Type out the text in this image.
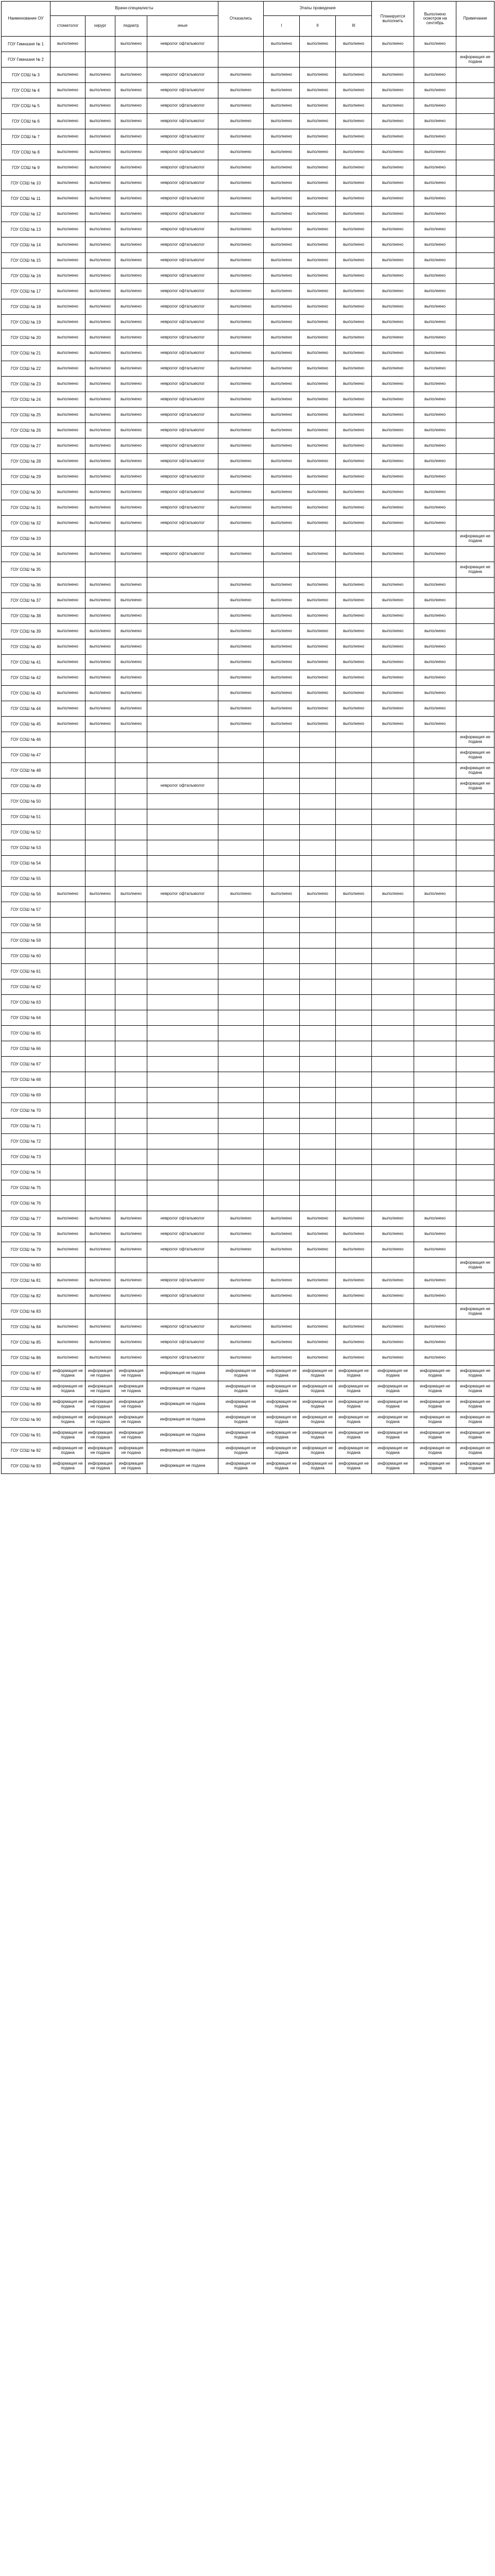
Наименование ОУ	Врачи-специалисты				Отказались	Этапы проведения			Планируется выполнить	Выполнено осмотров на сентябрь	Примечание
	стоматолог	хирург	педиатр	иные		I	II	III			
ГОУ Гимназия № 1	выполнено		выполнено	невролог офтальмолог		выполнено	выполнено	выполнено	выполнено	выполнено	
ГОУ Гимназия № 2											информация не подана
ГОУ СОШ № 3	выполнено	выполнено	выполнено	невролог офтальмолог	выполнено	выполнено	выполнено	выполнено	выполнено	выполнено	
ГОУ СОШ № 4	выполнено	выполнено	выполнено	невролог офтальмолог	выполнено	выполнено	выполнено	выполнено	выполнено	выполнено	
ГОУ СОШ № 5	выполнено	выполнено	выполнено	невролог офтальмолог	выполнено	выполнено	выполнено	выполнено	выполнено	выполнено	
ГОУ СОШ № 6	выполнено	выполнено	выполнено	невролог офтальмолог	выполнено	выполнено	выполнено	выполнено	выполнено	выполнено	
ГОУ СОШ № 7	выполнено	выполнено	выполнено	невролог офтальмолог	выполнено	выполнено	выполнено	выполнено	выполнено	выполнено	
ГОУ СОШ № 8	выполнено	выполнено	выполнено	невролог офтальмолог	выполнено	выполнено	выполнено	выполнено	выполнено	выполнено	
ГОУ СОШ № 9	выполнено	выполнено	выполнено	невролог офтальмолог	выполнено	выполнено	выполнено	выполнено	выполнено	выполнено	
ГОУ СОШ № 10	выполнено	выполнено	выполнено	невролог офтальмолог	выполнено	выполнено	выполнено	выполнено	выполнено	выполнено	
ГОУ СОШ № 11	выполнено	выполнено	выполнено	невролог офтальмолог	выполнено	выполнено	выполнено	выполнено	выполнено	выполнено	
ГОУ СОШ № 12	выполнено	выполнено	выполнено	невролог офтальмолог	выполнено	выполнено	выполнено	выполнено	выполнено	выполнено	
ГОУ СОШ № 13	выполнено	выполнено	выполнено	невролог офтальмолог	выполнено	выполнено	выполнено	выполнено	выполнено	выполнено	
ГОУ СОШ № 14	выполнено	выполнено	выполнено	невролог офтальмолог	выполнено	выполнено	выполнено	выполнено	выполнено	выполнено	
ГОУ СОШ № 15	выполнено	выполнено	выполнено	невролог офтальмолог	выполнено	выполнено	выполнено	выполнено	выполнено	выполнено	
ГОУ СОШ № 16	выполнено	выполнено	выполнено	невролог офтальмолог	выполнено	выполнено	выполнено	выполнено	выполнено	выполнено	
ГОУ СОШ № 17	выполнено	выполнено	выполнено	невролог офтальмолог	выполнено	выполнено	выполнено	выполнено	выполнено	выполнено	
ГОУ СОШ № 18	выполнено	выполнено	выполнено	невролог офтальмолог	выполнено	выполнено	выполнено	выполнено	выполнено	выполнено	
ГОУ СОШ № 19	выполнено	выполнено	выполнено	невролог офтальмолог	выполнено	выполнено	выполнено	выполнено	выполнено	выполнено	
ГОУ СОШ № 20	выполнено	выполнено	выполнено	невролог офтальмолог	выполнено	выполнено	выполнено	выполнено	выполнено	выполнено	
ГОУ СОШ № 21	выполнено	выполнено	выполнено	невролог офтальмолог	выполнено	выполнено	выполнено	выполнено	выполнено	выполнено	
ГОУ СОШ № 22	выполнено	выполнено	выполнено	невролог офтальмолог	выполнено	выполнено	выполнено	выполнено	выполнено	выполнено	
ГОУ СОШ № 23	выполнено	выполнено	выполнено	невролог офтальмолог	выполнено	выполнено	выполнено	выполнено	выполнено	выполнено	
ГОУ СОШ № 24	выполнено	выполнено	выполнено	невролог офтальмолог	выполнено	выполнено	выполнено	выполнено	выполнено	выполнено	
ГОУ СОШ № 25	выполнено	выполнено	выполнено	невролог офтальмолог	выполнено	выполнено	выполнено	выполнено	выполнено	выполнено	
ГОУ СОШ № 26	выполнено	выполнено	выполнено	невролог офтальмолог	выполнено	выполнено	выполнено	выполнено	выполнено	выполнено	
ГОУ СОШ № 27	выполнено	выполнено	выполнено	невролог офтальмолог	выполнено	выполнено	выполнено	выполнено	выполнено	выполнено	
ГОУ СОШ № 28	выполнено	выполнено	выполнено	невролог офтальмолог	выполнено	выполнено	выполнено	выполнено	выполнено	выполнено	
ГОУ СОШ № 29	выполнено	выполнено	выполнено	невролог офтальмолог	выполнено	выполнено	выполнено	выполнено	выполнено	выполнено	
ГОУ СОШ № 30	выполнено	выполнено	выполнено	невролог офтальмолог	выполнено	выполнено	выполнено	выполнено	выполнено	выполнено	
ГОУ СОШ № 31	выполнено	выполнено	выполнено	невролог офтальмолог	выполнено	выполнено	выполнено	выполнено	выполнено	выполнено	
ГОУ СОШ № 32	выполнено	выполнено	выполнено	невролог офтальмолог	выполнено	выполнено	выполнено	выполнено	выполнено	выполнено	
ГОУ СОШ № 33											информация не подана
ГОУ СОШ № 34	выполнено	выполнено	выполнено	невролог офтальмолог	выполнено	выполнено	выполнено	выполнено	выполнено	выполнено	
ГОУ СОШ № 35											информация не подана
ГОУ СОШ № 36	выполнено	выполнено	выполнено		выполнено	выполнено	выполнено	выполнено	выполнено	выполнено	
ГОУ СОШ № 37	выполнено	выполнено	выполнено		выполнено	выполнено	выполнено	выполнено	выполнено	выполнено	
ГОУ СОШ № 38	выполнено	выполнено	выполнено		выполнено	выполнено	выполнено	выполнено	выполнено	выполнено	
ГОУ СОШ № 39	выполнено	выполнено	выполнено		выполнено	выполнено	выполнено	выполнено	выполнено	выполнено	
ГОУ СОШ № 40	выполнено	выполнено	выполнено		выполнено	выполнено	выполнено	выполнено	выполнено	выполнено	
ГОУ СОШ № 41	выполнено	выполнено	выполнено		выполнено	выполнено	выполнено	выполнено	выполнено	выполнено	
ГОУ СОШ № 42	выполнено	выполнено	выполнено		выполнено	выполнено	выполнено	выполнено	выполнено	выполнено	
ГОУ СОШ № 43	выполнено	выполнено	выполнено		выполнено	выполнено	выполнено	выполнено	выполнено	выполнено	
ГОУ СОШ № 44	выполнено	выполнено	выполнено		выполнено	выполнено	выполнено	выполнено	выполнено	выполнено	
ГОУ СОШ № 45	выполнено	выполнено	выполнено		выполнено	выполнено	выполнено	выполнено	выполнено	выполнено	
ГОУ СОШ № 46											информация не подана
ГОУ СОШ № 47											информация не подана
ГОУ СОШ № 48											информация не подана
ГОУ СОШ № 49				невролог офтальмолог							информация не подана
ГОУ СОШ № 50											
ГОУ СОШ № 51											
ГОУ СОШ № 52											
ГОУ СОШ № 53											
ГОУ СОШ № 54											
ГОУ СОШ № 55											
ГОУ СОШ № 56	выполнено	выполнено	выполнено	невролог офтальмолог	выполнено	выполнено	выполнено	выполнено	выполнено	выполнено	
ГОУ СОШ № 57											
ГОУ СОШ № 58											
ГОУ СОШ № 59											
ГОУ СОШ № 60											
ГОУ СОШ № 61											
ГОУ СОШ № 62											
ГОУ СОШ № 63											
ГОУ СОШ № 64											
ГОУ СОШ № 65											
ГОУ СОШ № 66											
ГОУ СОШ № 67											
ГОУ СОШ № 68											
ГОУ СОШ № 69											
ГОУ СОШ № 70											
ГОУ СОШ № 71											
ГОУ СОШ № 72											
ГОУ СОШ № 73											
ГОУ СОШ № 74											
ГОУ СОШ № 75											
ГОУ СОШ № 76											
ГОУ СОШ № 77	выполнено	выполнено	выполнено	невролог офтальмолог	выполнено	выполнено	выполнено	выполнено	выполнено	выполнено	
ГОУ СОШ № 78	выполнено	выполнено	выполнено	невролог офтальмолог	выполнено	выполнено	выполнено	выполнено	выполнено	выполнено	
ГОУ СОШ № 79	выполнено	выполнено	выполнено	невролог офтальмолог	выполнено	выполнено	выполнено	выполнено	выполнено	выполнено	
ГОУ СОШ № 80											информация не подана
ГОУ СОШ № 81	выполнено	выполнено	выполнено	невролог офтальмолог	выполнено	выполнено	выполнено	выполнено	выполнено	выполнено	
ГОУ СОШ № 82	выполнено	выполнено	выполнено	невролог офтальмолог	выполнено	выполнено	выполнено	выполнено	выполнено	выполнено	
ГОУ СОШ № 83											информация не подана
ГОУ СОШ № 84	выполнено	выполнено	выполнено	невролог офтальмолог	выполнено	выполнено	выполнено	выполнено	выполнено	выполнено	
ГОУ СОШ № 85	выполнено	выполнено	выполнено	невролог офтальмолог	выполнено	выполнено	выполнено	выполнено	выполнено	выполнено	
ГОУ СОШ № 86	выполнено	выполнено	выполнено	невролог офтальмолог	выполнено	выполнено	выполнено	выполнено	выполнено	выполнено	
ГОУ СОШ № 87	информация не подана	информация не подана	информация не подана	информация не подана	информация не подана	информация не подана	информация не подана	информация не подана	информация не подана	информация не подана	информация не подана
ГОУ СОШ № 88	информация не подана	информация не подана	информация не подана	информация не подана	информация не подана	информация не подана	информация не подана	информация не подана	информация не подана	информация не подана	информация не подана
ГОУ СОШ № 89	информация не подана	информация не подана	информация не подана	информация не подана	информация не подана	информация не подана	информация не подана	информация не подана	информация не подана	информация не подана	информация не подана
ГОУ СОШ № 90	информация не подана	информация не подана	информация не подана	информация не подана	информация не подана	информация не подана	информация не подана	информация не подана	информация не подана	информация не подана	информация не подана
ГОУ СОШ № 91	информация не подана	информация не подана	информация не подана	информация не подана	информация не подана	информация не подана	информация не подана	информация не подана	информация не подана	информация не подана	информация не подана
ГОУ СОШ № 92	информация не подана	информация не подана	информация не подана	информация не подана	информация не подана	информация не подана	информация не подана	информация не подана	информация не подана	информация не подана	информация не подана
ГОУ СОШ № 93	информация не подана	информация не подана	информация не подана	информация не подана	информация не подана	информация не подана	информация не подана	информация не подана	информация не подана	информация не подана	информация не подана
